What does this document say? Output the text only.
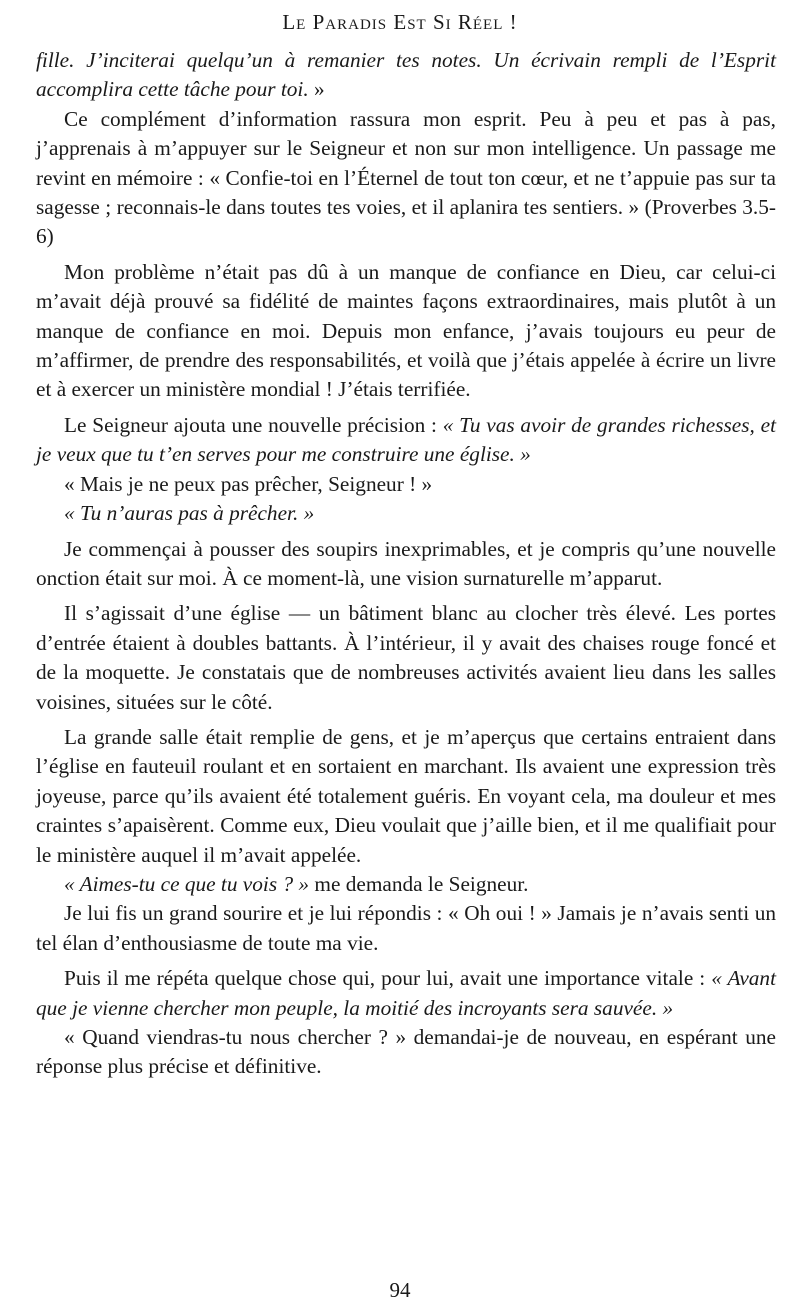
Le Paradis Est Si Réel !

fille. J’inciterai quelqu’un à remanier tes notes. Un écrivain rempli de l’Esprit accomplira cette tâche pour toi. »

Ce complément d’information rassura mon esprit. Peu à peu et pas à pas, j’apprenais à m’appuyer sur le Seigneur et non sur mon intelligence. Un passage me revint en mémoire : « Confie-toi en l’Éternel de tout ton cœur, et ne t’appuie pas sur ta sagesse ; reconnais-le dans toutes tes voies, et il aplanira tes sentiers. » (Proverbes 3.5-6)

Mon problème n’était pas dû à un manque de confiance en Dieu, car celui-ci m’avait déjà prouvé sa fidélité de maintes façons extraordinaires, mais plutôt à un manque de confiance en moi. Depuis mon enfance, j’avais toujours eu peur de m’affirmer, de prendre des responsabilités, et voilà que j’étais appelée à écrire un livre et à exercer un ministère mondial ! J’étais terrifiée.

Le Seigneur ajouta une nouvelle précision : « Tu vas avoir de grandes richesses, et je veux que tu t’en serves pour me construire une église. »

« Mais je ne peux pas prêcher, Seigneur ! »

« Tu n’auras pas à prêcher. »

Je commençai à pousser des soupirs inexprimables, et je compris qu’une nouvelle onction était sur moi. À ce moment-là, une vision surnaturelle m’apparut.

Il s’agissait d’une église — un bâtiment blanc au clocher très élevé. Les portes d’entrée étaient à doubles battants. À l’intérieur, il y avait des chaises rouge foncé et de la moquette. Je constatais que de nombreuses activités avaient lieu dans les salles voisines, situées sur le côté.

La grande salle était remplie de gens, et je m’aperçus que certains entraient dans l’église en fauteuil roulant et en sortaient en marchant. Ils avaient une expression très joyeuse, parce qu’ils avaient été totalement guéris. En voyant cela, ma douleur et mes craintes s’apaisèrent. Comme eux, Dieu voulait que j’aille bien, et il me qualifiait pour le ministère auquel il m’avait appelée.

« Aimes-tu ce que tu vois ? » me demanda le Seigneur.

Je lui fis un grand sourire et je lui répondis : « Oh oui ! » Jamais je n’avais senti un tel élan d’enthousiasme de toute ma vie.

Puis il me répéta quelque chose qui, pour lui, avait une importance vitale : « Avant que je vienne chercher mon peuple, la moitié des incroyants sera sauvée. »

« Quand viendras-tu nous chercher ? » demandai-je de nouveau, en espérant une réponse plus précise et définitive.

94
